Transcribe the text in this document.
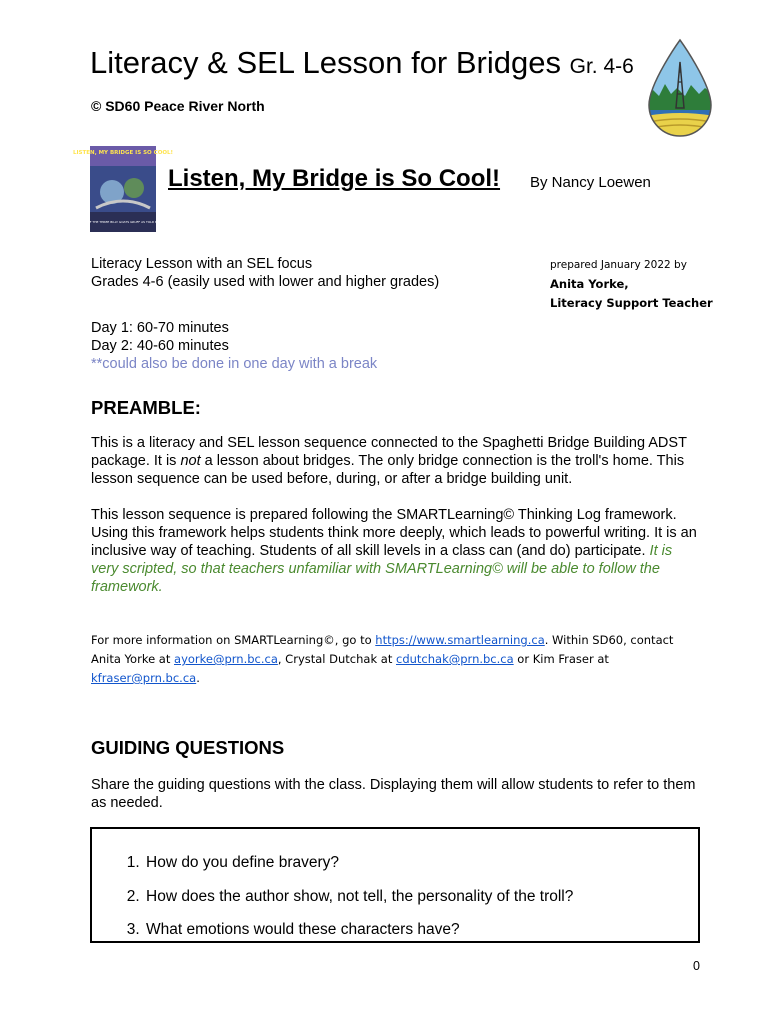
Literacy & SEL Lesson for Bridges Gr. 4-6
© SD60 Peace River North
LISTEN, MY BRIDGE IS SO COOL!
THE STORY OF THE THREE BILLY GOATS GRUFF AS TOLD BY THE TROLL
Listen, My Bridge is So Cool! By Nancy Loewen
Literacy Lesson with an SEL focus
Grades 4-6 (easily used with lower and higher grades)
prepared January 2022 by
Anita Yorke,
Literacy Support Teacher
Day 1: 60-70 minutes
Day 2: 40-60 minutes
**could also be done in one day with a break
PREAMBLE:
This is a literacy and SEL lesson sequence connected to the Spaghetti Bridge Building ADST package. It is not a lesson about bridges. The only bridge connection is the troll's home. This lesson sequence can be used before, during, or after a bridge building unit.
This lesson sequence is prepared following the SMARTLearning© Thinking Log framework. Using this framework helps students think more deeply, which leads to powerful writing. It is an inclusive way of teaching. Students of all skill levels in a class can (and do) participate. It is very scripted, so that teachers unfamiliar with SMARTLearning© will be able to follow the framework.
For more information on SMARTLearning©, go to https://www.smartlearning.ca. Within SD60, contact Anita Yorke at ayorke@prn.bc.ca, Crystal Dutchak at cdutchak@prn.bc.ca or Kim Fraser at kfraser@prn.bc.ca.
GUIDING QUESTIONS
Share the guiding questions with the class. Displaying them will allow students to refer to them as needed.
1. How do you define bravery?
2. How does the author show, not tell, the personality of the troll?
3. What emotions would these characters have?
0
